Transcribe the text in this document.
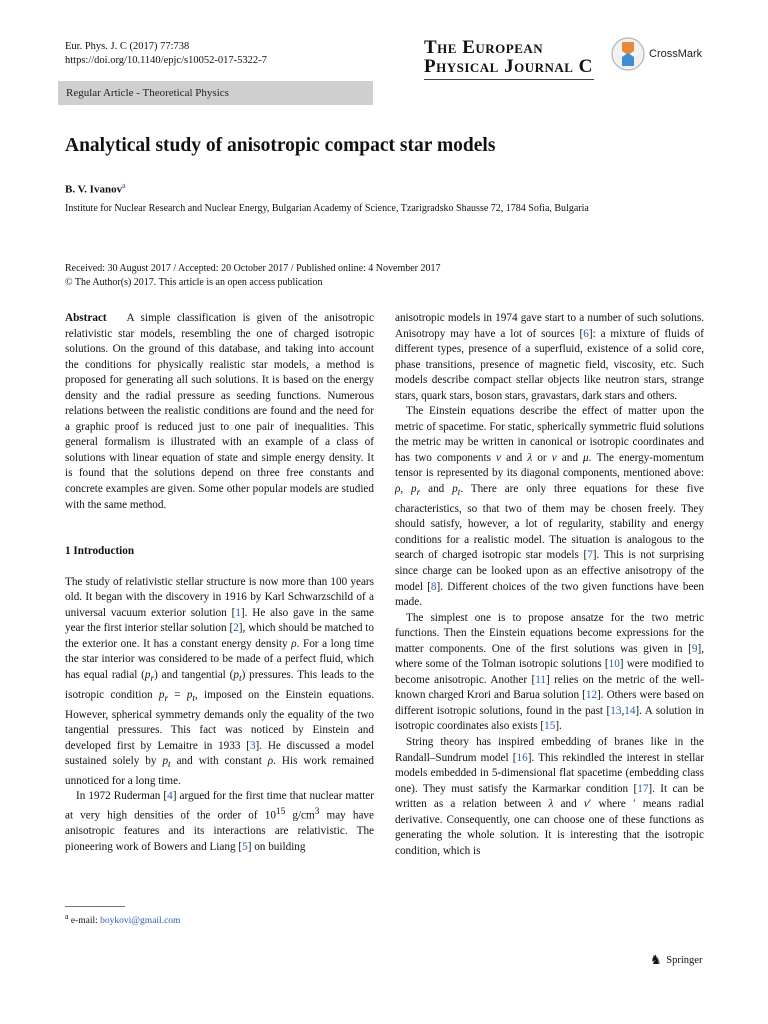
Eur. Phys. J. C (2017) 77:738
https://doi.org/10.1140/epjc/s10052-017-5322-7
The European
Physical Journal C
CrossMark
Regular Article - Theoretical Physics
Analytical study of anisotropic compact star models
B. V. Ivanov$^a$
Institute for Nuclear Research and Nuclear Energy, Bulgarian Academy of Science, Tzarigradsko Shausse 72, 1784 Sofia, Bulgaria
Received: 30 August 2017 / Accepted: 20 October 2017 / Published online: 4 November 2017
© The Author(s) 2017. This article is an open access publication

Abstract A simple classification is given of the anisotropic relativistic star models, resembling the one of charged isotropic solutions. On the ground of this database, and taking into account the conditions for physically realistic star models, a method is proposed for generating all such solutions. It is based on the energy density and the radial pressure as seeding functions. Numerous relations between the realistic conditions are found and the need for a graphic proof is reduced just to one pair of inequalities. This general formalism is illustrated with an example of a class of solutions with linear equation of state and simple energy density. It is found that the solutions depend on three free constants and concrete examples are given. Some other popular models are studied with the same method.

1 Introduction

The study of relativistic stellar structure is now more than 100 years old. It began with the discovery in 1916 by Karl Schwarzschild of a universal vacuum exterior solution [1]. He also gave in the same year the first interior stellar solution [2], which should be matched to the exterior one. It has a constant energy density ρ. For a long time the star interior was considered to be made of a perfect fluid, which has equal radial $(p_r)$ and tangential $(p_t)$ pressures. This leads to the isotropic condition $p_r = p_t$, imposed on the Einstein equations. However, spherical symmetry demands only the equality of the two tangential pressures. This fact was noticed by Einstein and developed first by Lemaitre in 1933 [3]. He discussed a model sustained solely by $p_t$ and with constant ρ. His work remained unnoticed for a long time.

In 1972 Ruderman [4] argued for the first time that nuclear matter at very high densities of the order of $10^{15}$ $g/cm^3$ may have anisotropic features and its interactions are relativistic. The pioneering work of Bowers and Liang [5] on building

anisotropic models in 1974 gave start to a number of such solutions. Anisotropy may have a lot of sources [6]: a mixture of fluids of different types, presence of a superfluid, existence of a solid core, phase transitions, presence of magnetic field, viscosity, etc. Such models describe compact stellar objects like neutron stars, strange stars, quark stars, boson stars, gravastars, dark stars and others.

The Einstein equations describe the effect of matter upon the metric of spacetime. For static, spherically symmetric fluid solutions the metric may be written in canonical or isotropic coordinates and has two components ν and λ or ν and μ. The energy-momentum tensor is represented by its diagonal components, mentioned above: ρ, $p_r$ and $p_t$. There are only three equations for these five characteristics, so that two of them may be chosen freely. They should satisfy, however, a lot of regularity, stability and energy conditions for a realistic model. The situation is analogous to the search of charged isotropic star models [7]. This is not surprising since charge can be looked upon as an effective anisotropy of the model [8]. Different choices of the two given functions have been made.

The simplest one is to propose ansatze for the two metric functions. Then the Einstein equations become expressions for the matter components. One of the first solutions was given in [9], where some of the Tolman isotropic solutions [10] were modified to become anisotropic. Another [11] relies on the metric of the well-known charged Krori and Barua solution [12]. Others were based on different isotropic solutions, found in the past [13,14]. A solution in isotropic coordinates also exists [15].

String theory has inspired embedding of branes like in the Randall–Sundrum model [16]. This rekindled the interest in stellar models embedded in 5-dimensional flat spacetime (embedding class one). They must satisfy the Karmarkar condition [17]. It can be written as a relation between λ and ν′ where ′ means radial derivative. Consequently, one can choose one of these functions as generating the whole solution. It is interesting that the isotropic condition, which is

$^a$ e-mail: boykovi@gmail.com
♞ Springer
